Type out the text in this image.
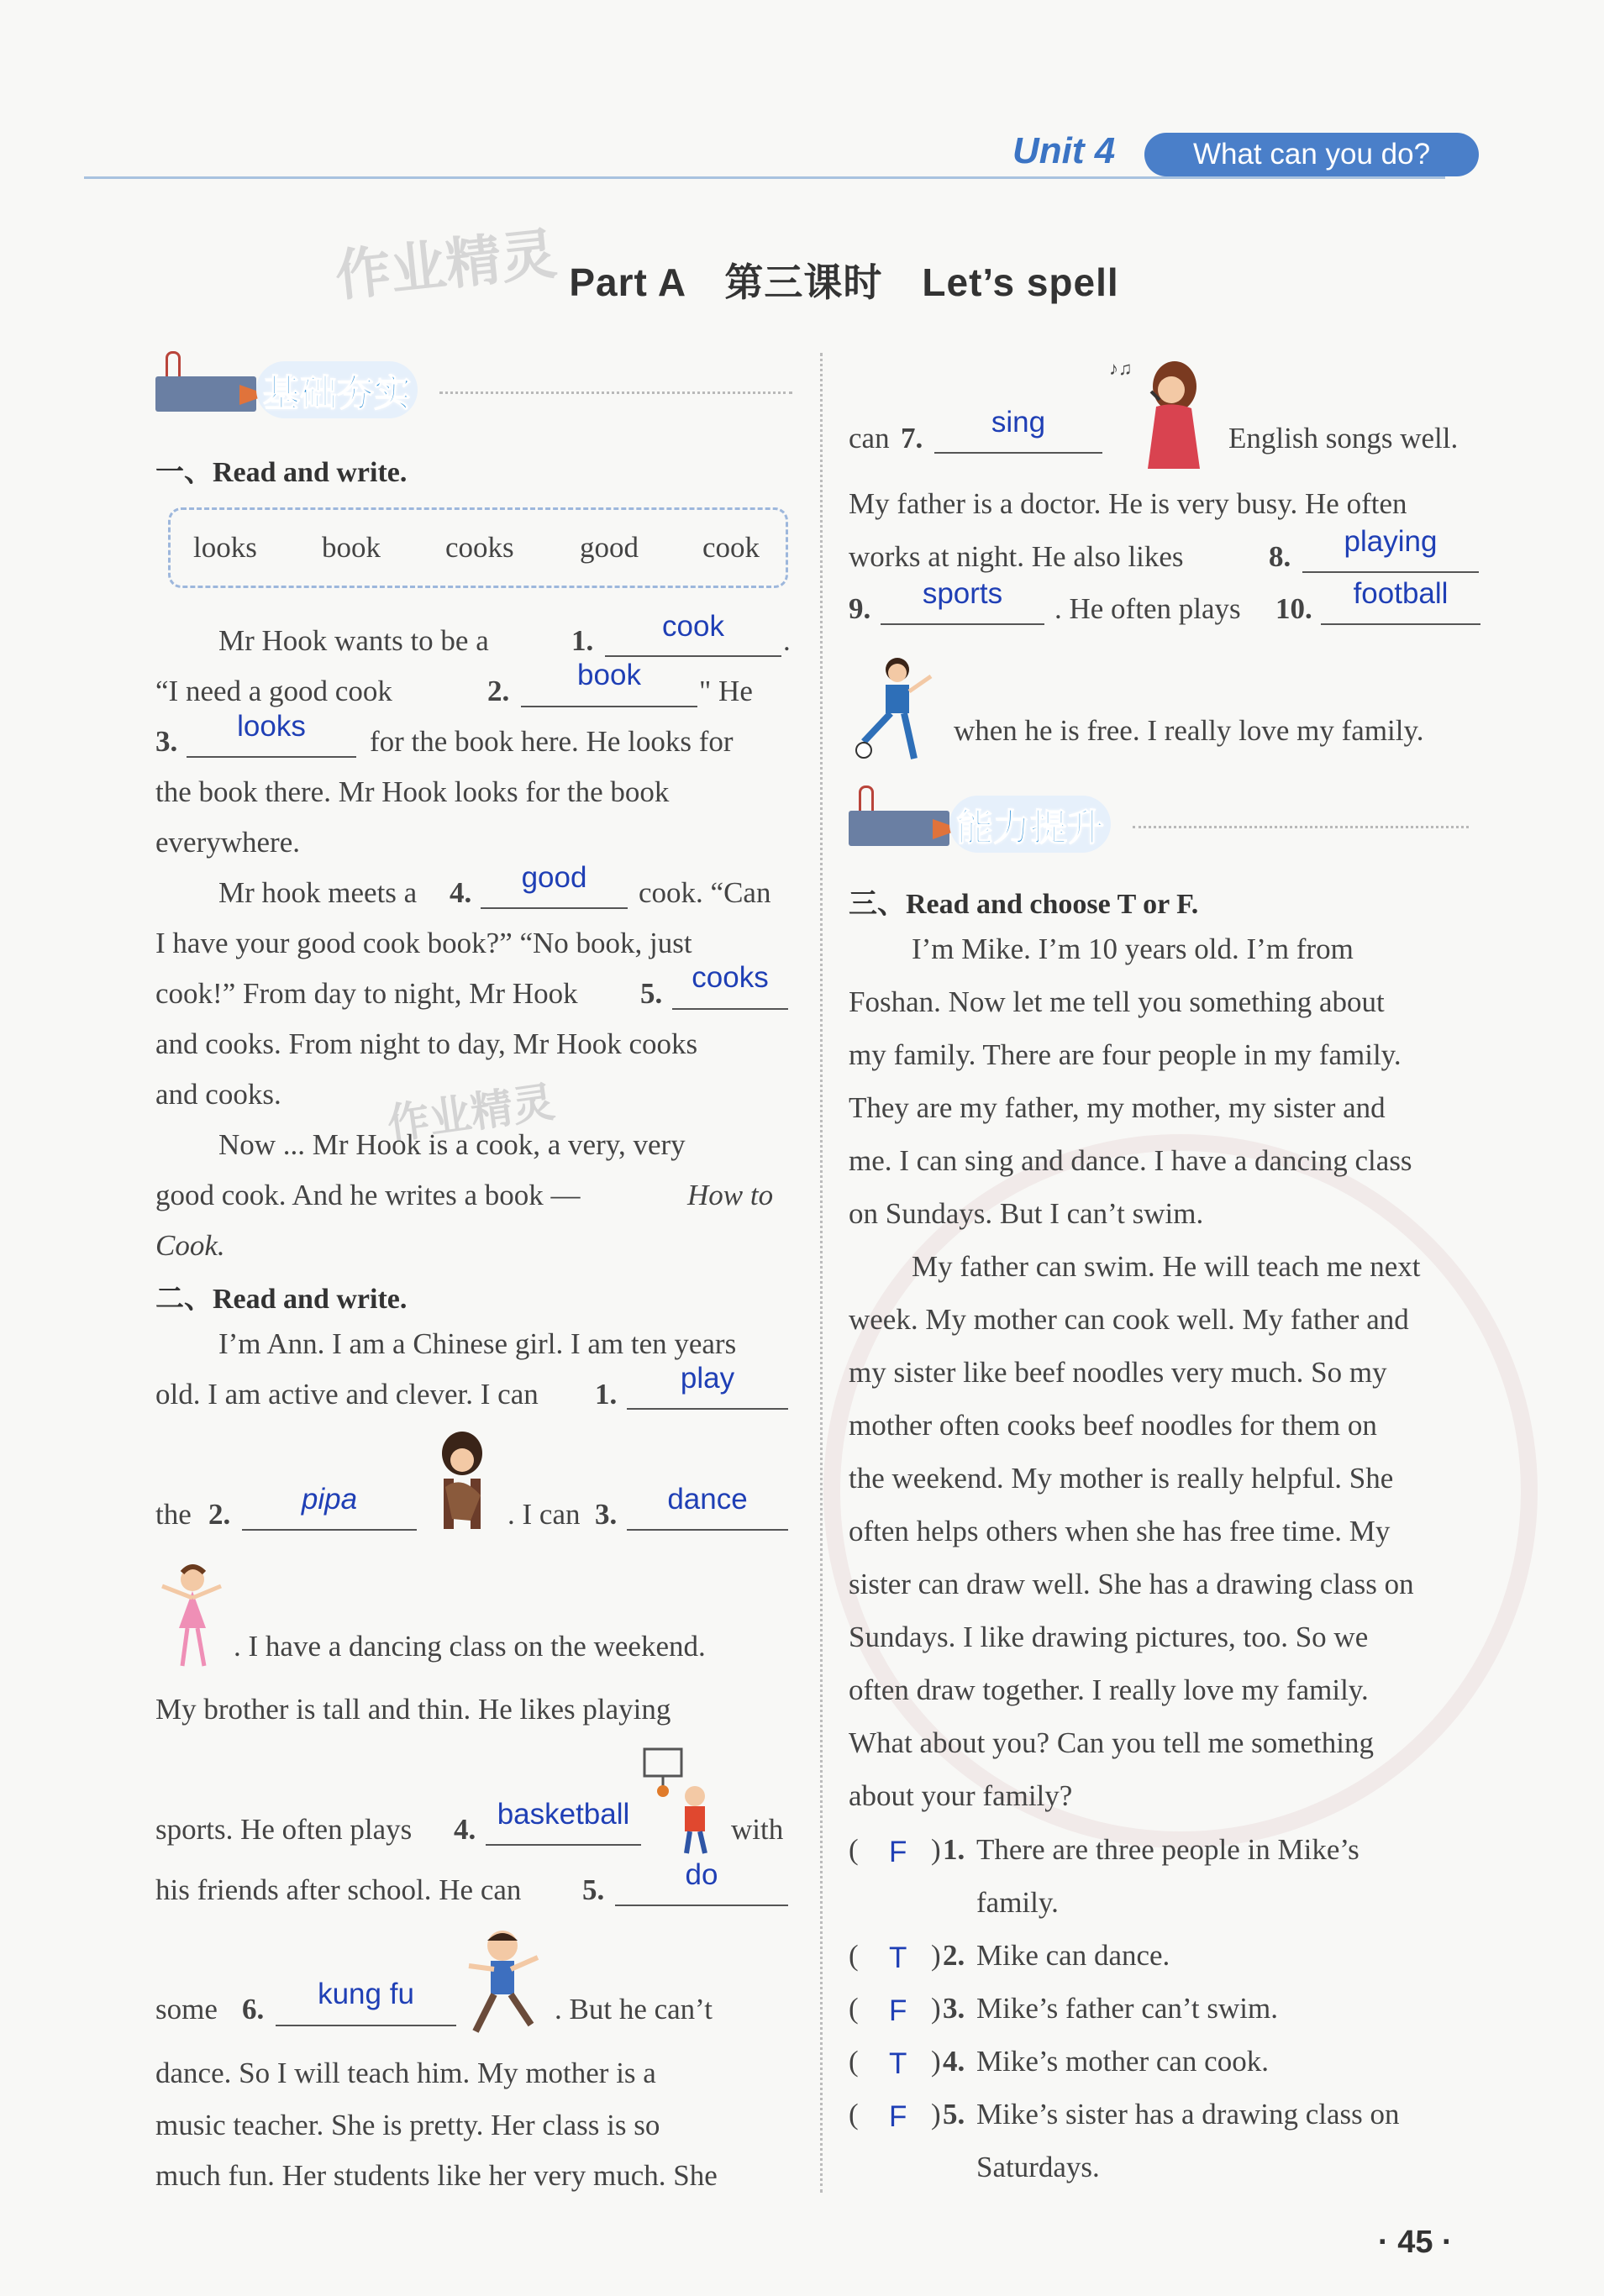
Unit 4	What can you do?
作业精灵 Part A　第三课时　Let’s spell
作业精灵
基础夯实
一、Read and write.
looks book cooks good cook
Mr Hook wants to be a	1.	cook	.
“I need a good cook	2.	book	" He
3.	looks	for the book here. He looks for
the book there. Mr Hook looks for the book
everywhere.
Mr hook meets a 4.	good	cook. “Can
I have your good cook book?” “No book, just
cook!” From day to night, Mr Hook 5.	cooks
and cooks. From night to day, Mr Hook cooks
and cooks.
Now ... Mr Hook is a cook, a very, very
good cook. And he writes a book —	How to
Cook.
二、Read and write.
I’m Ann. I am a Chinese girl. I am ten years
old. I am active and clever. I can 1.	play
the 2.	pipa	. I can 3.	dance
. I have a dancing class on the weekend.
My brother is tall and thin. He likes playing
sports. He often plays 4. basketball	with
his friends after school. He can 5.	do
some 6.	kung fu	. But he can’t
dance. So I will teach him. My mother is a
music teacher. She is pretty. Her class is so
much fun. Her students like her very much. She
can 7.	sing
♪♫
English songs well.
My father is a doctor. He is very busy. He often
works at night. He also likes	8.	playing
9.	sports	. He often plays 10.	football
when he is free. I really love my family.
能力提升
三、Read and choose T or F.
I’m Mike. I’m 10 years old. I’m from
Foshan. Now let me tell you something about
my family. There are four people in my family.
They are my father, my mother, my sister and
me. I can sing and dance. I have a dancing class
on Sundays. But I can’t swim.
My father can swim. He will teach me next
week. My mother can cook well. My father and
my sister like beef noodles very much. So my
mother often cooks beef noodles for them on
the weekend. My mother is really helpful. She
often helps others when she has free time. My
sister can draw well. She has a drawing class on
Sundays. I like drawing pictures, too. So we
often draw together. I really love my family.
What about you? Can you tell me something
about your family?
( F ) 1. There are three people in Mike’s
family.
( T ) 2. Mike can dance.
( F ) 3. Mike’s father can’t swim.
( T ) 4. Mike’s mother can cook.
( F ) 5. Mike’s sister has a drawing class on
Saturdays.
· 45 ·
